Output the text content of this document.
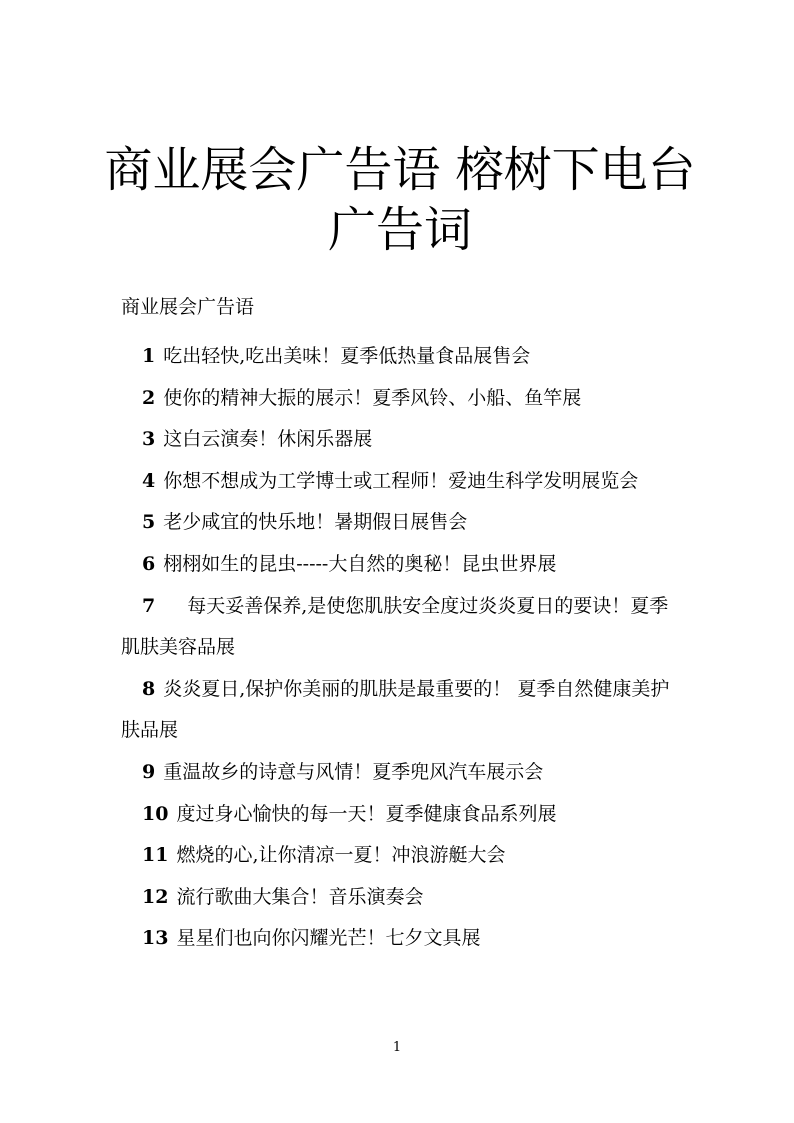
商业展会广告语 榕树下电台广告词

商业展会广告语

1 吃出轻快,吃出美味！夏季低热量食品展售会
2 使你的精神大振的展示！夏季风铃、小船、鱼竿展
3 这白云演奏！休闲乐器展
4 你想不想成为工学博士或工程师！爱迪生科学发明展览会
5 老少咸宜的快乐地！暑期假日展售会
6 栩栩如生的昆虫-----大自然的奥秘！昆虫世界展
7 每天妥善保养,是使您肌肤安全度过炎炎夏日的要诀！夏季肌肤美容品展
8 炎炎夏日,保护你美丽的肌肤是最重要的！ 夏季自然健康美护肤品展
9 重温故乡的诗意与风情！夏季兜风汽车展示会
10 度过身心愉快的每一天！夏季健康食品系列展
11 燃烧的心,让你清凉一夏！冲浪游艇大会
12 流行歌曲大集合！音乐演奏会
13 星星们也向你闪耀光芒！七夕文具展
1
